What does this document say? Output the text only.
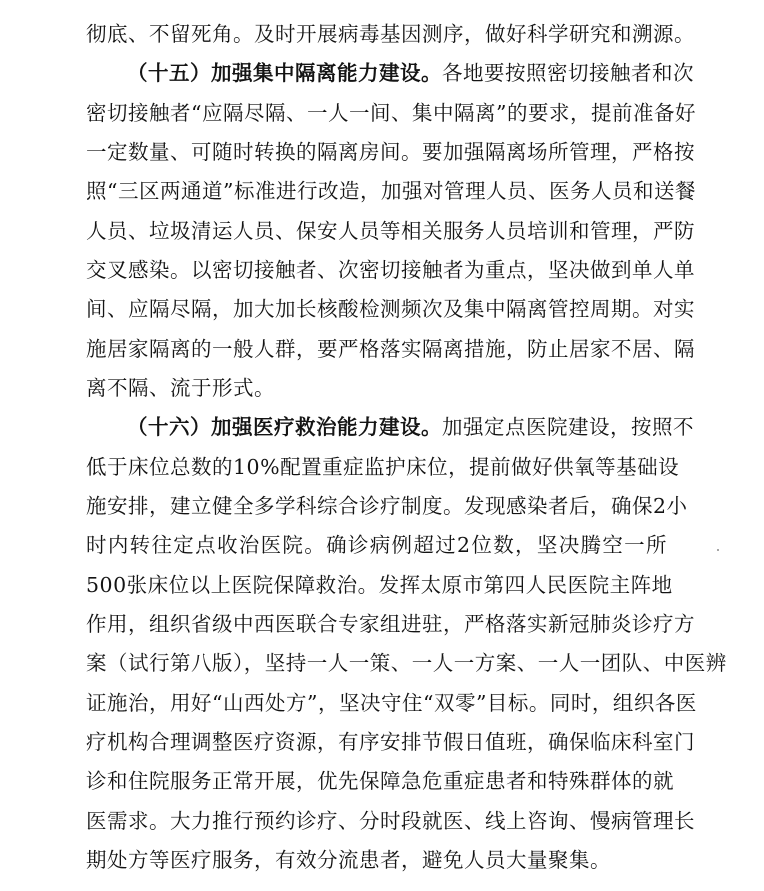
彻底、不留死角。及时开展病毒基因测序，做好科学研究和溯源。
（十五）加强集中隔离能力建设。各地要按照密切接触者和次
密切接触者“应隔尽隔、一人一间、集中隔离”的要求，提前准备好
一定数量、可随时转换的隔离房间。要加强隔离场所管理，严格按
照“三区两通道”标准进行改造，加强对管理人员、医务人员和送餐
人员、垃圾清运人员、保安人员等相关服务人员培训和管理，严防
交叉感染。以密切接触者、次密切接触者为重点，坚决做到单人单
间、应隔尽隔，加大加长核酸检测频次及集中隔离管控周期。对实
施居家隔离的一般人群，要严格落实隔离措施，防止居家不居、隔
离不隔、流于形式。
（十六）加强医疗救治能力建设。加强定点医院建设，按照不
低于床位总数的10%配置重症监护床位，提前做好供氧等基础设
施安排，建立健全多学科综合诊疗制度。发现感染者后，确保2小
时内转往定点收治医院。确诊病例超过2位数，坚决腾空一所
500张床位以上医院保障救治。发挥太原市第四人民医院主阵地
作用，组织省级中西医联合专家组进驻，严格落实新冠肺炎诊疗方
案（试行第八版），坚持一人一策、一人一方案、一人一团队、中医辨
证施治，用好“山西处方”，坚决守住“双零”目标。同时，组织各医
疗机构合理调整医疗资源，有序安排节假日值班，确保临床科室门
诊和住院服务正常开展，优先保障急危重症患者和特殊群体的就
医需求。大力推行预约诊疗、分时段就医、线上咨询、慢病管理长
期处方等医疗服务，有效分流患者，避免人员大量聚集。
